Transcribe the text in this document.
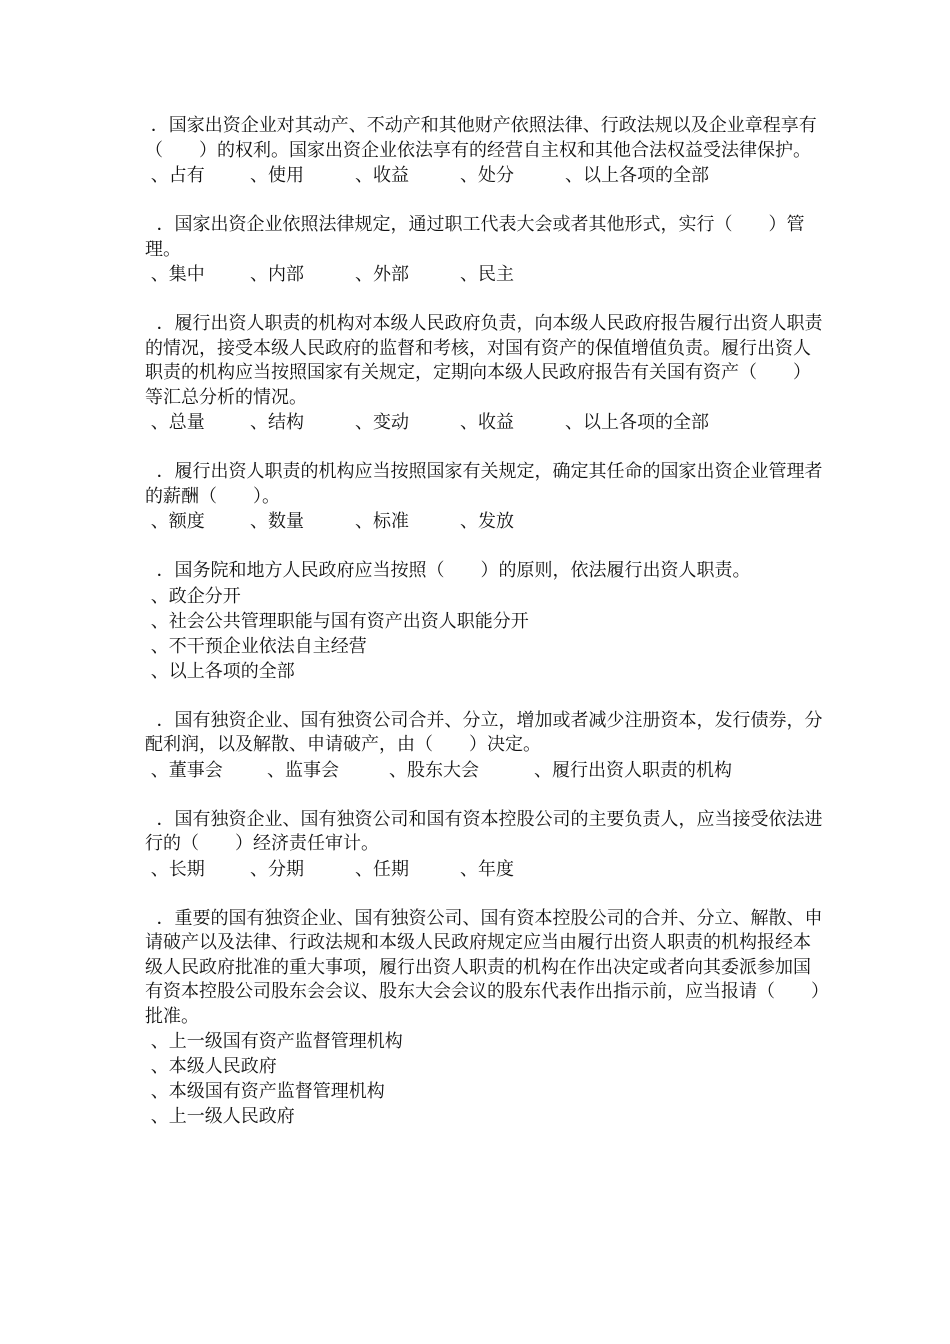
．国家出资企业对其动产、不动产和其他财产依照法律、行政法规以及企业章程享有（　　）的权利。国家出资企业依法享有的经营自主权和其他合法权益受法律保护。

、占有	、使用	、收益	、处分	、以上各项的全部

．国家出资企业依照法律规定，通过职工代表大会或者其他形式，实行（　　）管理。

、集中	、内部	、外部	、民主

．履行出资人职责的机构对本级人民政府负责，向本级人民政府报告履行出资人职责的情况，接受本级人民政府的监督和考核，对国有资产的保值增值负责。履行出资人职责的机构应当按照国家有关规定，定期向本级人民政府报告有关国有资产（　　）等汇总分析的情况。

、总量	、结构	、变动	、收益	、以上各项的全部

．履行出资人职责的机构应当按照国家有关规定，确定其任命的国家出资企业管理者的薪酬（　　）。

、额度	、数量	、标准	、发放

．国务院和地方人民政府应当按照（　　）的原则，依法履行出资人职责。

、政企分开
、社会公共管理职能与国有资产出资人职能分开
、不干预企业依法自主经营
、以上各项的全部

．国有独资企业、国有独资公司合并、分立，增加或者减少注册资本，发行债券，分配利润，以及解散、申请破产，由（　　）决定。

、董事会	、监事会	、股东大会	、履行出资人职责的机构

．国有独资企业、国有独资公司和国有资本控股公司的主要负责人，应当接受依法进行的（　　）经济责任审计。

、长期	、分期	、任期	、年度

．重要的国有独资企业、国有独资公司、国有资本控股公司的合并、分立、解散、申请破产以及法律、行政法规和本级人民政府规定应当由履行出资人职责的机构报经本级人民政府批准的重大事项，履行出资人职责的机构在作出决定或者向其委派参加国有资本控股公司股东会会议、股东大会会议的股东代表作出指示前，应当报请（　　）批准。

、上一级国有资产监督管理机构
、本级人民政府
、本级国有资产监督管理机构
、上一级人民政府
